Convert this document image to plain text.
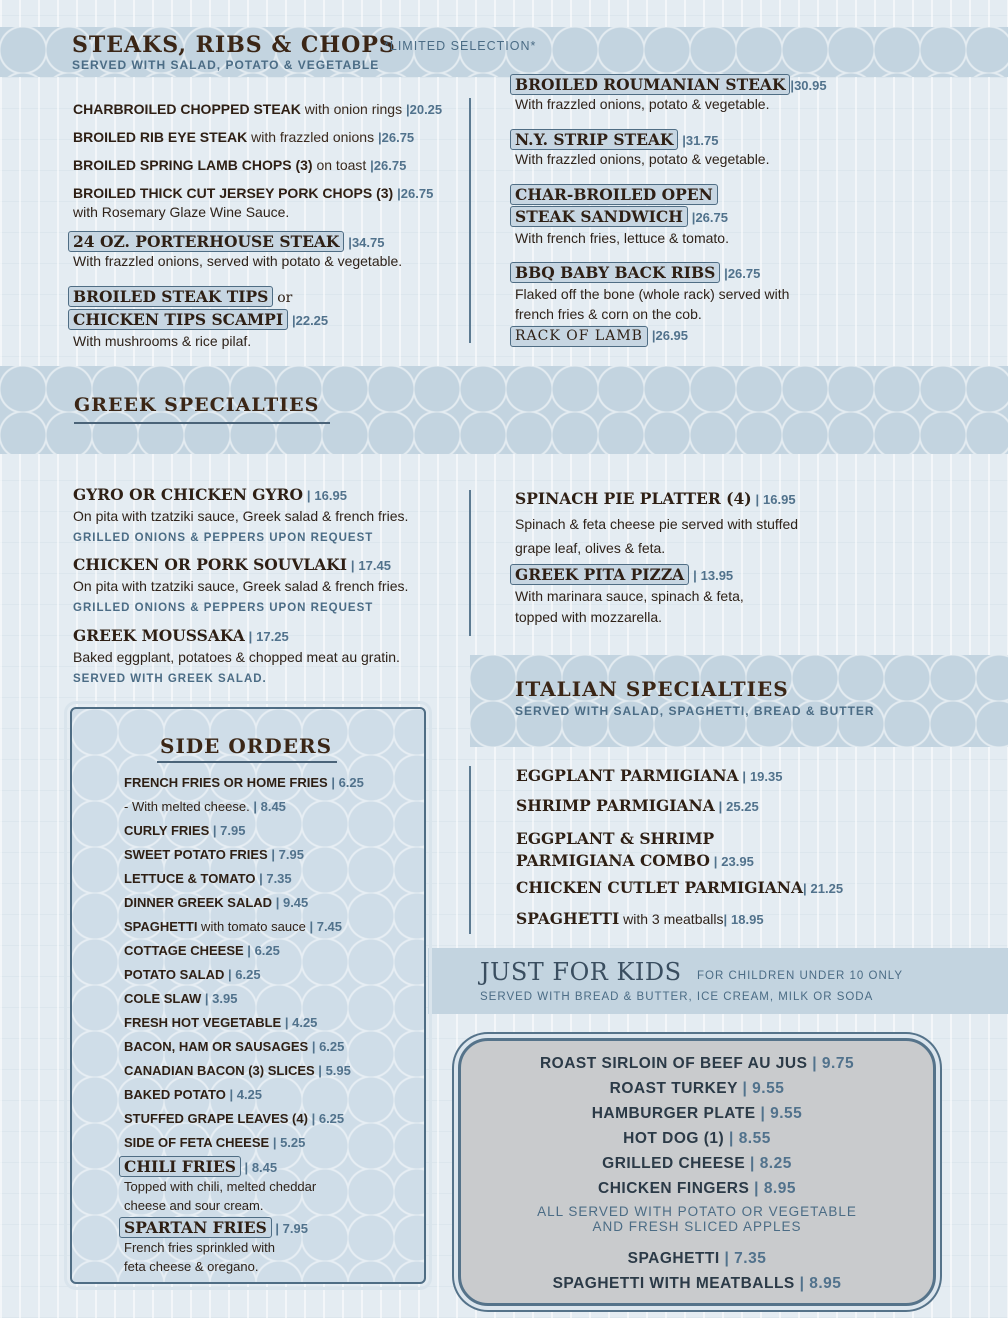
STEAKS, RIBS & CHOPS
*LIMITED SELECTION*
SERVED WITH SALAD, POTATO & VEGETABLE
CHARBROILED CHOPPED STEAK with onion rings |20.25
BROILED RIB EYE STEAK with frazzled onions |26.75
BROILED SPRING LAMB CHOPS (3) on toast |26.75
BROILED THICK CUT JERSEY PORK CHOPS (3) |26.75
with Rosemary Glaze Wine Sauce.
24 OZ. PORTERHOUSE STEAK |34.75
With frazzled onions, served with potato & vegetable.
BROILED STEAK TIPS or
CHICKEN TIPS SCAMPI |22.25
With mushrooms & rice pilaf.
BROILED ROUMANIAN STEAK |30.95
With frazzled onions, potato & vegetable.
N.Y. STRIP STEAK |31.75
With frazzled onions, potato & vegetable.
CHAR-BROILED OPEN
STEAK SANDWICH |26.75
With french fries, lettuce & tomato.
BBQ BABY BACK RIBS |26.75
Flaked off the bone (whole rack) served with
french fries & corn on the cob.
RACK OF LAMB |26.95
GREEK SPECIALTIES
GYRO OR CHICKEN GYRO | 16.95
On pita with tzatziki sauce, Greek salad & french fries.
GRILLED ONIONS & PEPPERS UPON REQUEST
CHICKEN OR PORK SOUVLAKI | 17.45
On pita with tzatziki sauce, Greek salad & french fries.
GRILLED ONIONS & PEPPERS UPON REQUEST
GREEK MOUSSAKA | 17.25
Baked eggplant, potatoes & chopped meat au gratin.
SERVED WITH GREEK SALAD.
SPINACH PIE PLATTER (4) | 16.95
Spinach & feta cheese pie served with stuffed
grape leaf, olives & feta.
GREEK PITA PIZZA | 13.95
With marinara sauce, spinach & feta,
topped with mozzarella.
ITALIAN SPECIALTIES
SERVED WITH SALAD, SPAGHETTI, BREAD & BUTTER
EGGPLANT PARMIGIANA | 19.35
SHRIMP PARMIGIANA | 25.25
EGGPLANT & SHRIMP
PARMIGIANA COMBO | 23.95
CHICKEN CUTLET PARMIGIANA| 21.25
SPAGHETTI with 3 meatballs| 18.95
SIDE ORDERS
FRENCH FRIES OR HOME FRIES | 6.25
- With melted cheese. | 8.45
CURLY FRIES | 7.95
SWEET POTATO FRIES | 7.95
LETTUCE & TOMATO | 7.35
DINNER GREEK SALAD | 9.45
SPAGHETTI with tomato sauce | 7.45
COTTAGE CHEESE | 6.25
POTATO SALAD | 6.25
COLE SLAW | 3.95
FRESH HOT VEGETABLE | 4.25
BACON, HAM OR SAUSAGES | 6.25
CANADIAN BACON (3) SLICES | 5.95
BAKED POTATO | 4.25
STUFFED GRAPE LEAVES (4) | 6.25
SIDE OF FETA CHEESE | 5.25
CHILI FRIES | 8.45
Topped with chili, melted cheddar
cheese and sour cream.
SPARTAN FRIES | 7.95
French fries sprinkled with
feta cheese & oregano.
JUST FOR KIDS FOR CHILDREN UNDER 10 ONLY
SERVED WITH BREAD & BUTTER, ICE CREAM, MILK OR SODA
ROAST SIRLOIN OF BEEF AU JUS | 9.75
ROAST TURKEY | 9.55
HAMBURGER PLATE | 9.55
HOT DOG (1) | 8.55
GRILLED CHEESE | 8.25
CHICKEN FINGERS | 8.95
ALL SERVED WITH POTATO OR VEGETABLE
AND FRESH SLICED APPLES
SPAGHETTI | 7.35
SPAGHETTI WITH MEATBALLS | 8.95
